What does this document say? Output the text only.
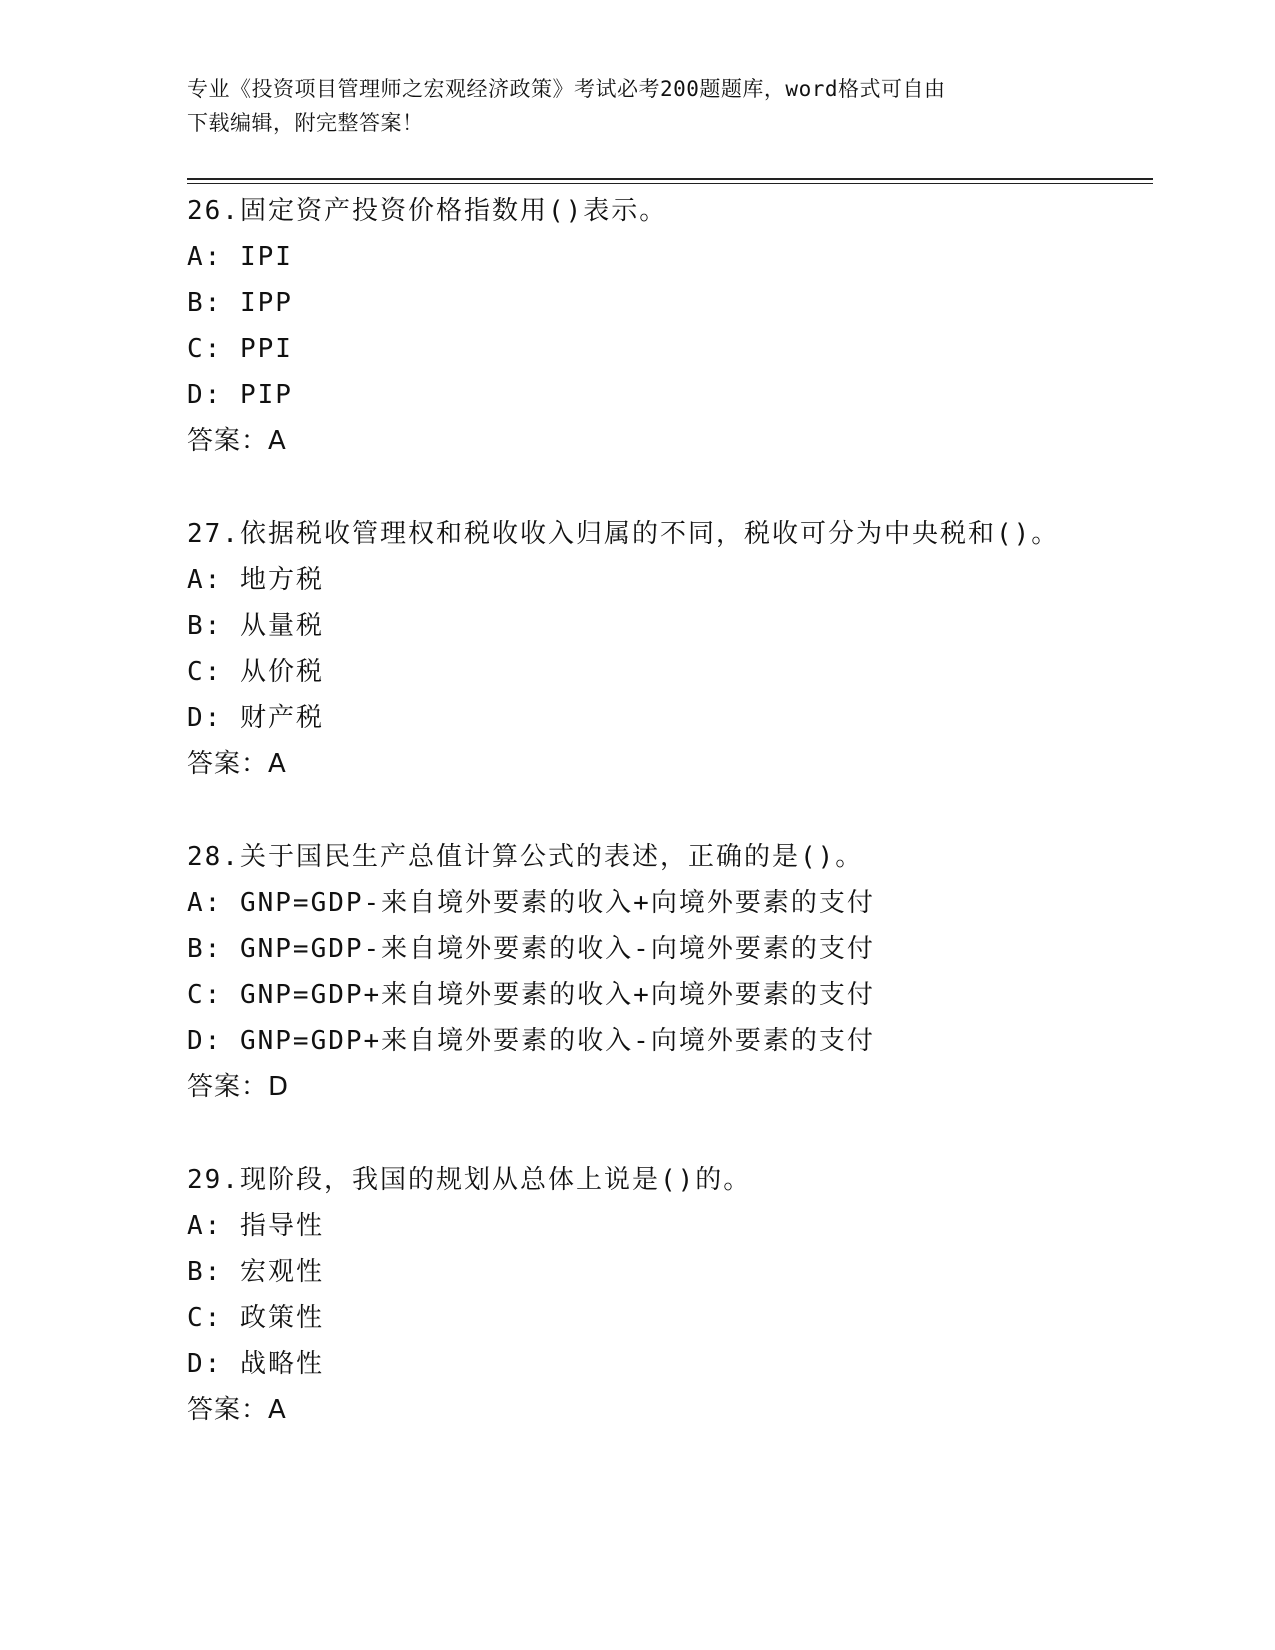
专业《投资项目管理师之宏观经济政策》考试必考200题题库，word格式可自由
下载编辑，附完整答案！
26.固定资产投资价格指数用()表示。
A: IPI
B: IPP
C: PPI
D: PIP
答案：A
27.依据税收管理权和税收收入归属的不同，税收可分为中央税和()。
A: 地方税
B: 从量税
C: 从价税
D: 财产税
答案：A
28.关于国民生产总值计算公式的表述，正确的是()。
A: GNP=GDP-来自境外要素的收入+向境外要素的支付
B: GNP=GDP-来自境外要素的收入-向境外要素的支付
C: GNP=GDP+来自境外要素的收入+向境外要素的支付
D: GNP=GDP+来自境外要素的收入-向境外要素的支付
答案：D
29.现阶段，我国的规划从总体上说是()的。
A: 指导性
B: 宏观性
C: 政策性
D: 战略性
答案：A
